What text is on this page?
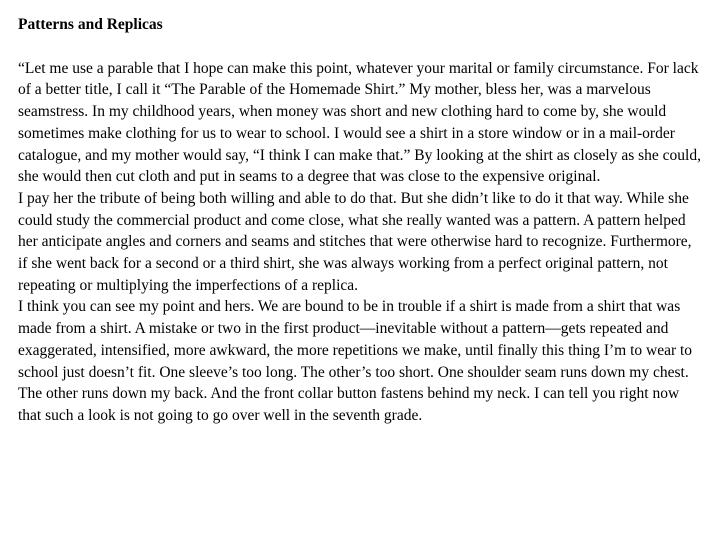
Patterns and Replicas

“Let me use a parable that I hope can make this point, whatever your marital or family circumstance. For lack of a better title, I call it “The Parable of the Homemade Shirt.” My mother, bless her, was a marvelous seamstress. In my childhood years, when money was short and new clothing hard to come by, she would sometimes make clothing for us to wear to school. I would see a shirt in a store window or in a mail-order catalogue, and my mother would say, “I think I can make that.” By looking at the shirt as closely as she could, she would then cut cloth and put in seams to a degree that was close to the expensive original.

I pay her the tribute of being both willing and able to do that. But she didn’t like to do it that way. While she could study the commercial product and come close, what she really wanted was a pattern. A pattern helped her anticipate angles and corners and seams and stitches that were otherwise hard to recognize. Furthermore, if she went back for a second or a third shirt, she was always working from a perfect original pattern, not repeating or multiplying the imperfections of a replica.

I think you can see my point and hers. We are bound to be in trouble if a shirt is made from a shirt that was made from a shirt. A mistake or two in the first product—inevitable without a pattern—gets repeated and exaggerated, intensified, more awkward, the more repetitions we make, until finally this thing I’m to wear to school just doesn’t fit. One sleeve’s too long. The other’s too short. One shoulder seam runs down my chest. The other runs down my back. And the front collar button fastens behind my neck. I can tell you right now that such a look is not going to go over well in the seventh grade.
